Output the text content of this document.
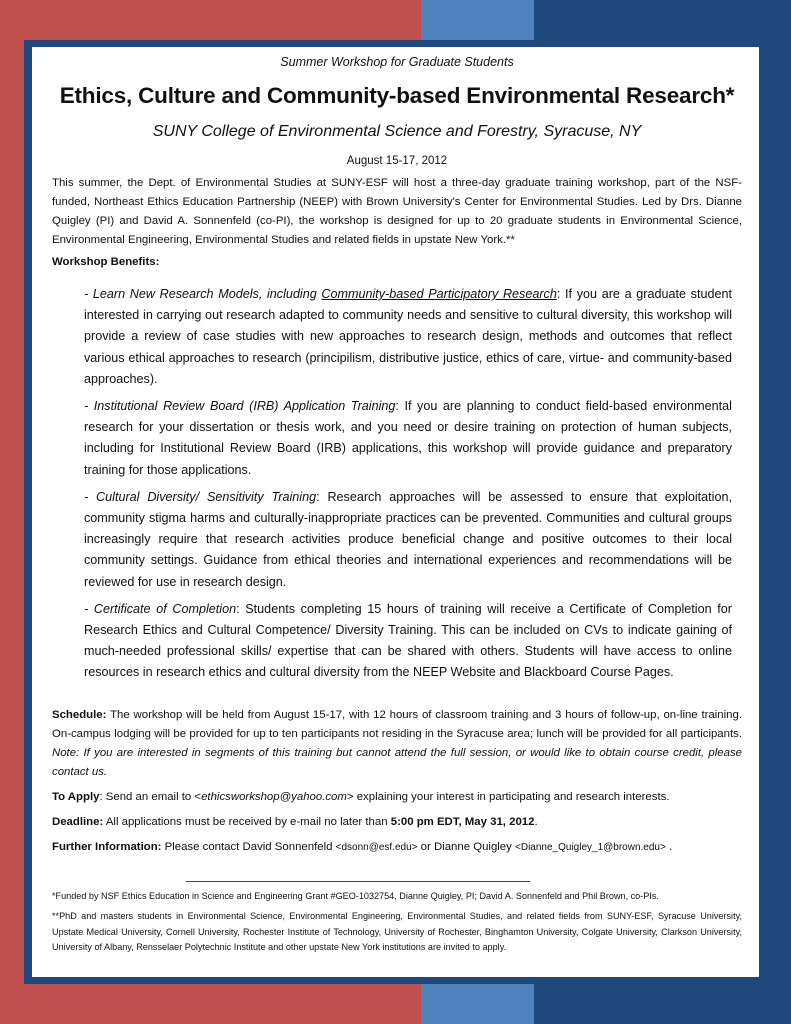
Summer Workshop for Graduate Students
Ethics, Culture and Community-based Environmental Research*
SUNY College of Environmental Science and Forestry, Syracuse, NY
August 15-17, 2012
This summer, the Dept. of Environmental Studies at SUNY-ESF will host a three-day graduate training workshop, part of the NSF-funded, Northeast Ethics Education Partnership (NEEP) with Brown University's Center for Environmental Studies. Led by Drs. Dianne Quigley (PI) and David A. Sonnenfeld (co-PI), the workshop is designed for up to 20 graduate students in Environmental Science, Environmental Engineering, Environmental Studies and related fields in upstate New York.**
Workshop Benefits:
- Learn New Research Models, including Community-based Participatory Research: If you are a graduate student interested in carrying out research adapted to community needs and sensitive to cultural diversity, this workshop will provide a review of case studies with new approaches to research design, methods and outcomes that reflect various ethical approaches to research (principilism, distributive justice, ethics of care, virtue- and community-based approaches).
- Institutional Review Board (IRB) Application Training: If you are planning to conduct field-based environmental research for your dissertation or thesis work, and you need or desire training on protection of human subjects, including for Institutional Review Board (IRB) applications, this workshop will provide guidance and preparatory training for those applications.
- Cultural Diversity/ Sensitivity Training: Research approaches will be assessed to ensure that exploitation, community stigma harms and culturally-inappropriate practices can be prevented. Communities and cultural groups increasingly require that research activities produce beneficial change and positive outcomes to their local community settings. Guidance from ethical theories and international experiences and recommendations will be reviewed for use in research design.
- Certificate of Completion: Students completing 15 hours of training will receive a Certificate of Completion for Research Ethics and Cultural Competence/ Diversity Training. This can be included on CVs to indicate gaining of much-needed professional skills/ expertise that can be shared with others. Students will have access to online resources in research ethics and cultural diversity from the NEEP Website and Blackboard Course Pages.
Schedule: The workshop will be held from August 15-17, with 12 hours of classroom training and 3 hours of follow-up, on-line training. On-campus lodging will be provided for up to ten participants not residing in the Syracuse area; lunch will be provided for all participants. Note: If you are interested in segments of this training but cannot attend the full session, or would like to obtain course credit, please contact us.
To Apply: Send an email to <ethicsworkshop@yahoo.com> explaining your interest in participating and research interests.
Deadline: All applications must be received by e-mail no later than 5:00 pm EDT, May 31, 2012.
Further Information: Please contact David Sonnenfeld <dsonn@esf.edu> or Dianne Quigley <Dianne_Quigley_1@brown.edu> .
*Funded by NSF Ethics Education in Science and Engineering Grant #GEO-1032754, Dianne Quigley, PI; David A. Sonnenfeld and Phil Brown, co-PIs.
**PhD and masters students in Environmental Science, Environmental Engineering, Environmental Studies, and related fields from SUNY-ESF, Syracuse University, Upstate Medical University, Cornell University, Rochester Institute of Technology, University of Rochester, Binghamton University, Colgate University, Clarkson University, University of Albany, Rensselaer Polytechnic Institute and other upstate New York institutions are invited to apply.
